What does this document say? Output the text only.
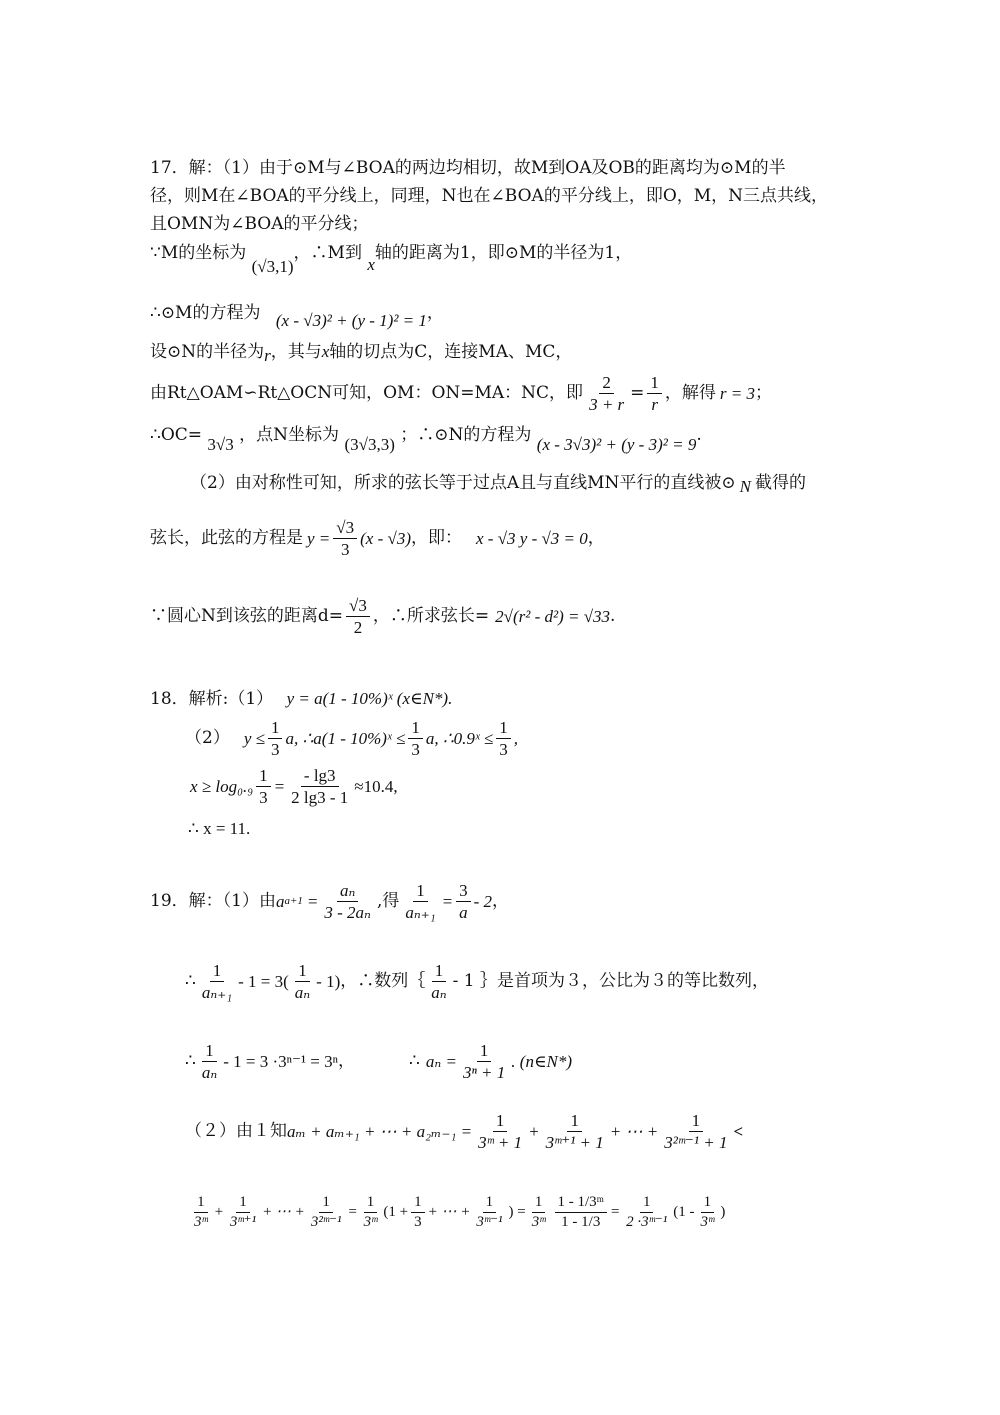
17．解：（1）由于⊙M与∠BOA的两边均相切，故M到OA及OB的距离均为⊙M的半
径，则M在∠BOA的平分线上，同理，N也在∠BOA的平分线上，即O，M，N三点共线，
且OMN为∠BOA的平分线；
∵M的坐标为 (√3,1)，∴M到 x轴的距离为1，即⊙M的半径为1，
∴⊙M的方程为 (x - √3)² + (y - 1)² = 1，
设⊙N的半径为r，其与x轴的切点为C，连接MA、MC，
由Rt△OAM∽Rt△OCN可知，OM：ON=MA：NC，即 $\frac{2}{3 + r} = \frac{1}{r}$ ，解得 r = 3 ；
∴OC= 3√3 ，点N坐标为 (3√3,3) ；∴⊙N的方程为 (x - 3√3)² + (y - 3)² = 9.
（2）由对称性可知，所求的弦长等于过点A且与直线MN平行的直线被⊙ N 截得的
弦长，此弦的方程是 $y = \frac{√3}{3} (x - √3)$ ，即： x - √3 y - √3 = 0 ，
∵圆心N到该弦的距离$d= \frac{√3}{2}$ ，∴所求弦长= 2√(r² - d²) = √33 .
18．解析:（1） y = a(1 - 10%)ˣ (x∈N*).
（2） $y \le \frac{1}{3} a$, ∴a(1 - 10%)ˣ ≤ $\frac{1}{3} a$, ∴0.9ˣ ≤ $\frac{1}{3}$ ,
$x \ge \log_0._9 \frac{1}{3} = \frac{- \lg 3}{2 \lg 3 - 1} \approx 10.4$,
∴ x = 11.
19．解：（1）由 a $a+1 = \frac{\text{aₙ}}{\text{3 - 2aₙ}}$ ,得 $\frac{1}{\text{aₙ₊₁}} = \frac{3}{a} - 2$ ，
∴ $\frac{1}{\text{aₙ₊₁}} - 1 = 3( \frac{1}{\text{aₙ}} - 1)$ ，∴数列｛ $\frac{1}{\text{aₙ}} - 1$ ｝是首项为３，公比为３的等比数列，
∴ $\frac{1}{\text{aₙ}} - 1 = 3 \cdot 3^{n-1} = 3^n$ ，	∴ $a_n = \frac{1}{\text{3ⁿ + 1}}$ . (n∈N*)
（２）由１知 aₘ + aₘ₊₁ + ⋯ + $a_{2m-1} = \frac{1}{\text{3ᵐ + 1}} + \frac{1}{\text{3ᵐ⁺¹ + 1}}$ + ⋯ + $\frac{1}{\text{3²ᵐ⁻¹ + 1}}$ <
$\frac{1}{\text{3ᵐ}} + \frac{1}{\text{3ᵐ⁺¹}}$ + ⋯ + $\frac{1}{\text{3²ᵐ⁻¹}} = \frac{1}{\text{3ᵐ}} (1 + \frac{1}{3}$ + ⋯ + $\frac{1}{\text{3ᵐ⁻¹}}$ ) = $\frac{1}{\text{3ᵐ}} \frac{\text{1 - 1/3ᵐ}}{1 - 1/3} = \frac{1}{\text{2 ·3ᵐ⁻¹}} (1 - \frac{1}{\text{3ᵐ}}$ )
